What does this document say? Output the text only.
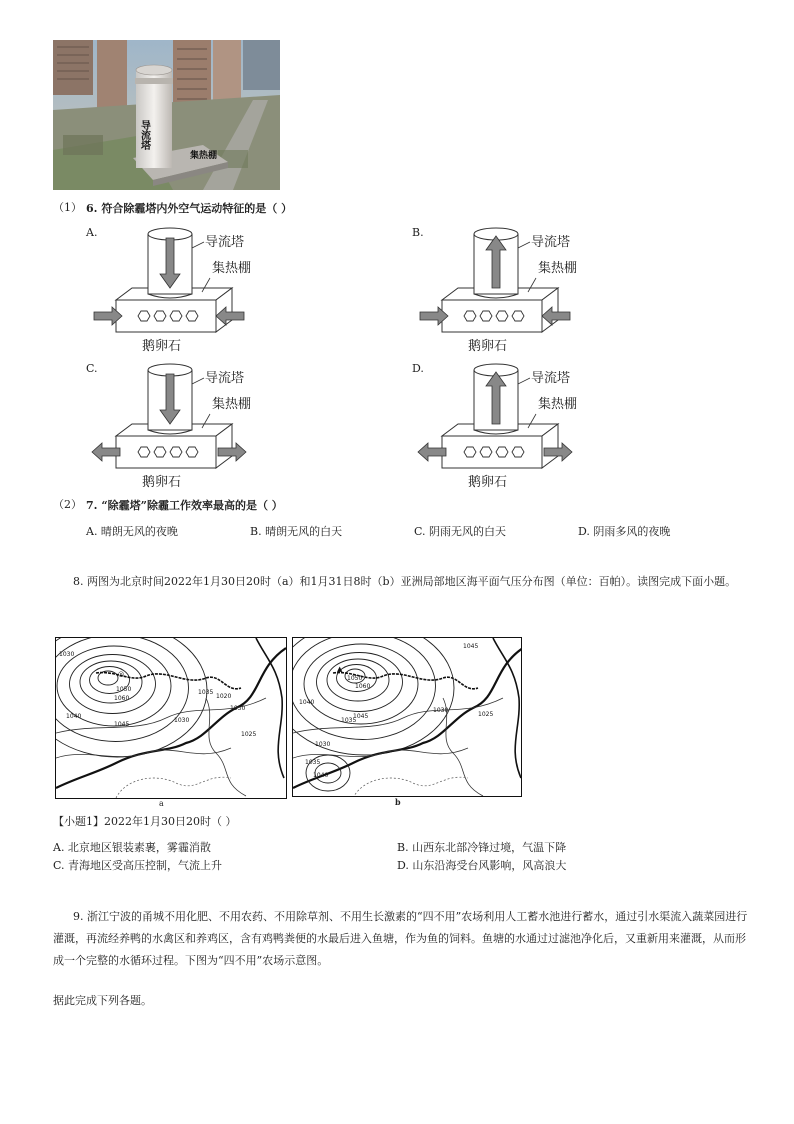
导流塔
集热棚
（1） 6. 符合除霾塔内外空气运动特征的是（ ）
A.
导流塔
集热棚
鹅卵石
B.
导流塔
集热棚
鹅卵石
C.
导流塔
集热棚
鹅卵石
D.
导流塔
集热棚
鹅卵石
（2） 7. “除霾塔”除霾工作效率最高的是（ ）
A. 晴朗无风的夜晚	B. 晴朗无风的白天	C. 阴雨无风的白天	D. 阴雨多风的夜晚
8. 两图为北京时间2022年1月30日20时（a）和1月31日8时（b）亚洲局部地区海平面气压分布图（单位：百帕）。读图完成下面小题。
◎
1030
1050
1060
1040
1045
1035
1030
1020
1030
1025
a
▲
1045
1050
1060
1040
1045
1035
1030
1030
1025
1035
1040
b
【小题1】2022年1月30日20时（ ）
A. 北京地区银装素裹，雾霾消散	B. 山西东北部冷锋过境，气温下降
C. 青海地区受高压控制，气流上升	D. 山东沿海受台风影响，风高浪大
9. 浙江宁波的甬城不用化肥、不用农药、不用除草剂、不用生长激素的“四不用”农场利用人工蓄水池进行蓄水，通过引水渠流入蔬菜园进行灌溉，再流经养鸭的水禽区和养鸡区，含有鸡鸭粪便的水最后进入鱼塘，作为鱼的饲料。鱼塘的水通过过滤池净化后，又重新用来灌溉，从而形成一个完整的水循环过程。下图为“四不用”农场示意图。
据此完成下列各题。
